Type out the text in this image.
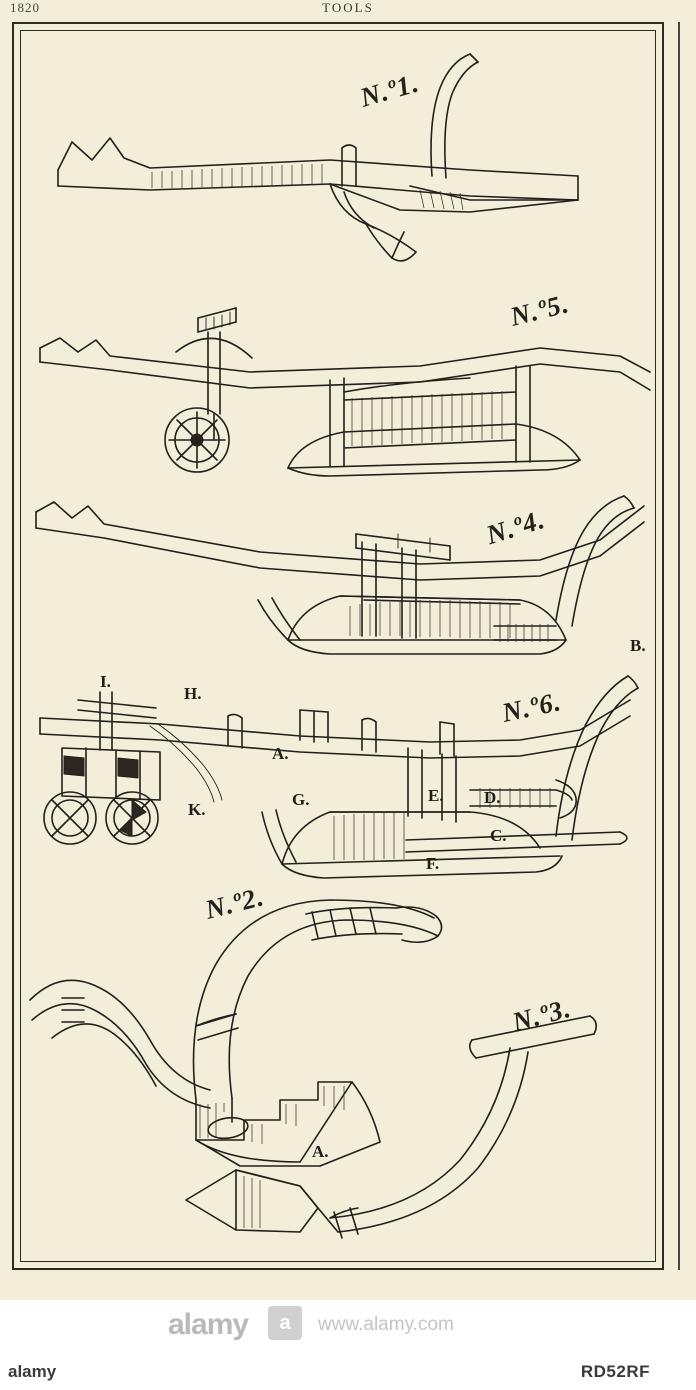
1820	TOOLS
N.º1.
N.º5.
N.º4.
N.º6.
N.º2.
N.º3.
I.
H.
B.
A.
K.
G.	E. D.
C.
F.
A.
alamy	a	www.alamy.com
alamy	RD52RF
